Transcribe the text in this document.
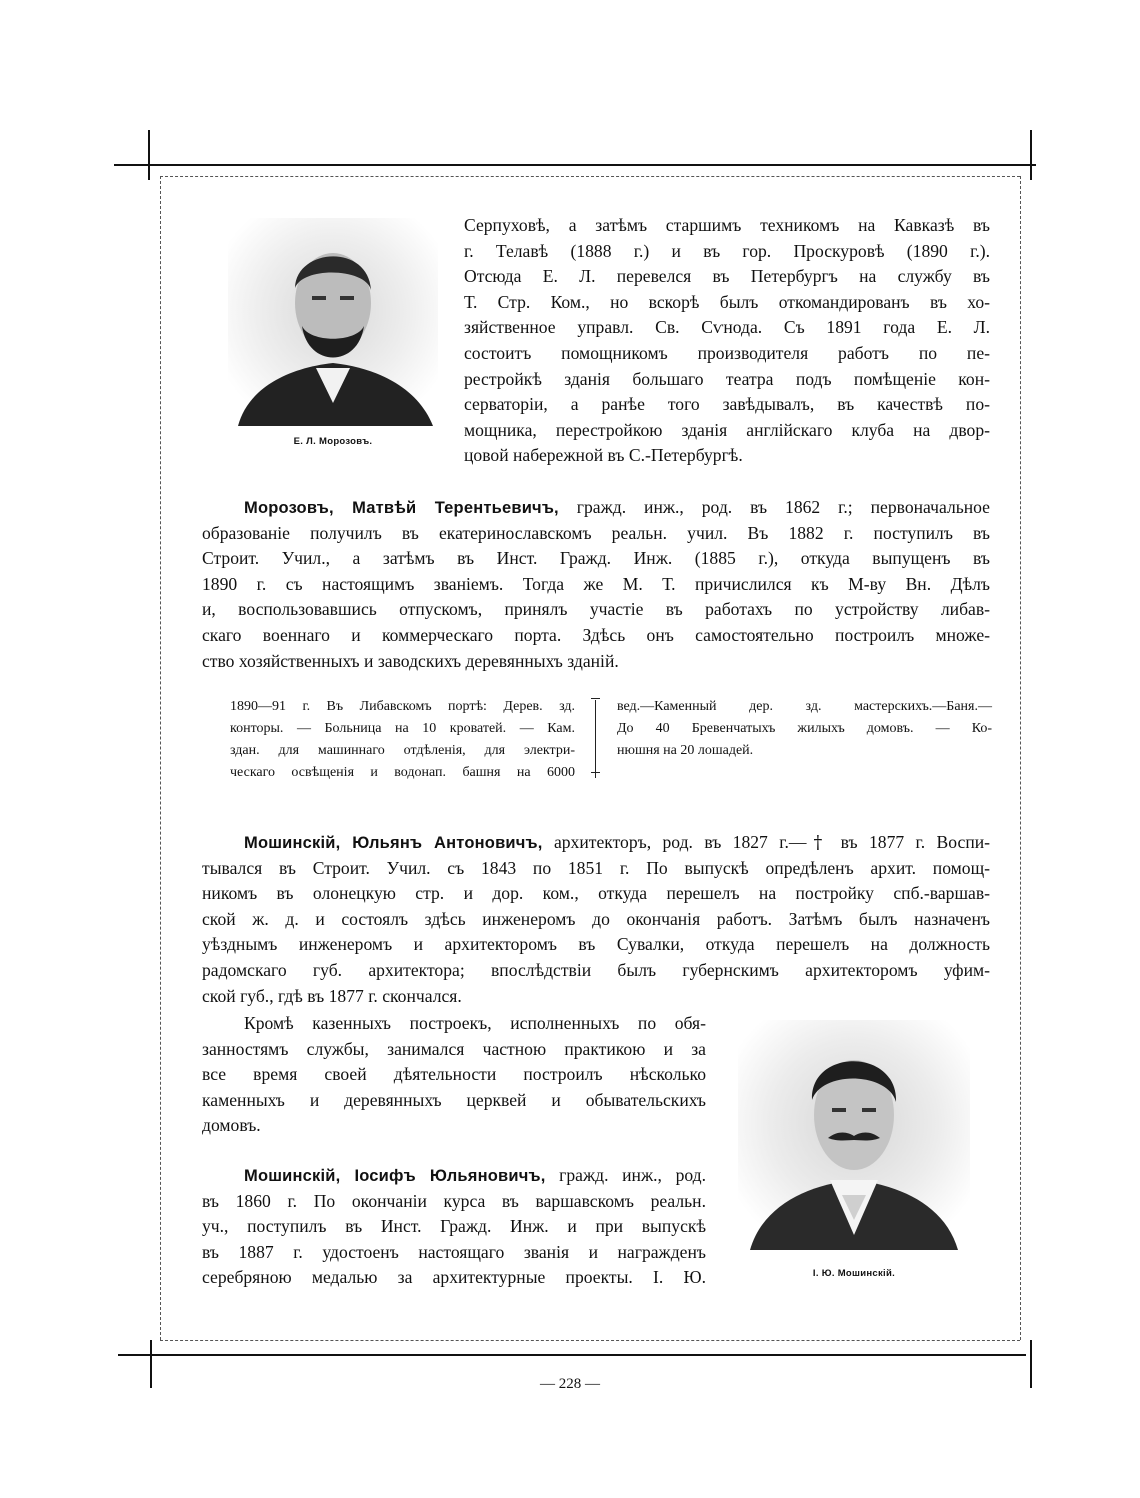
Е. Л. Морозовъ.
Серпуховѣ, а затѣмъ старшимъ техникомъ на Кавказѣ въ
г. Телавѣ (1888 г.) и въ гор. Проскуровѣ (1890 г.).
Отсюда Е. Л. перевелся въ Петербургъ на службу въ
Т. Стр. Ком., но вскорѣ былъ откомандированъ въ хо-
зяйственное управл. Св. Сѵнода. Съ 1891 года Е. Л.
состоитъ помощникомъ производителя работъ по пе-
рестройкѣ зданія большаго театра подъ помѣщеніе кон-
серваторіи, а ранѣе того завѣдывалъ, въ качествѣ по-
мощника, перестройкою зданія англійскаго клуба на двор-
цовой набережной въ С.-Петербургѣ.
Морозовъ, Матвѣй Терентьевичъ, гражд. инж., род. въ 1862 г.; первоначальное
образованіе получилъ въ екатеринославскомъ реальн. учил. Въ 1882 г. поступилъ въ
Строит. Учил., а затѣмъ въ Инст. Гражд. Инж. (1885 г.), откуда выпущенъ въ
1890 г. съ настоящимъ званіемъ. Тогда же М. Т. причислился къ М-ву Вн. Дѣлъ
и, воспользовавшись отпускомъ, принялъ участіе въ работахъ по устройству либав-
скаго военнаго и коммерческаго порта. Здѣсь онъ самостоятельно построилъ множе-
ство хозяйственныхъ и заводскихъ деревянныхъ зданій.
1890—91 г. Въ Либавскомъ портѣ: Дерев. зд.
конторы. — Больница на 10 кроватей. — Кам.
здан. для машиннаго отдѣленія, для электри-
ческаго освѣщенія и водонап. башня на 6000
вед.—Каменный дер. зд. мастерскихъ.—Баня.—
До 40 Бревенчатыхъ жилыхъ домовъ. — Ко-
нюшня на 20 лошадей.
Мошинскій, Юльянъ Антоновичъ, архитекторъ, род. въ 1827 г.—† въ 1877 г. Воспи-
тывался въ Строит. Учил. съ 1843 по 1851 г. По выпускѣ опредѣленъ архит. помощ-
никомъ въ олонецкую стр. и дор. ком., откуда перешелъ на постройку спб.-варшав-
ской ж. д. и состоялъ здѣсь инженеромъ до окончанія работъ. Затѣмъ былъ назначенъ
уѣзднымъ инженеромъ и архитекторомъ въ Сувалки, откуда перешелъ на должность
радомскаго губ. архитектора; впослѣдствіи былъ губернскимъ архитекторомъ уфим-
ской губ., гдѣ въ 1877 г. скончался.
Кромѣ казенныхъ построекъ, исполненныхъ по обя-
занностямъ службы, занимался частною практикою и за
все время своей дѣятельности построилъ нѣсколько
каменныхъ и деревянныхъ церквей и обывательскихъ
домовъ.
Мошинскій, Іосифъ Юльяновичъ, гражд. инж., род.
въ 1860 г. По окончаніи курса въ варшавскомъ реальн.
уч., поступилъ въ Инст. Гражд. Инж. и при выпускѣ
въ 1887 г. удостоенъ настоящаго званія и награжденъ
серебряною медалью за архитектурные проекты. І. Ю.	І. Ю. Мошинскій.
— 228 —
